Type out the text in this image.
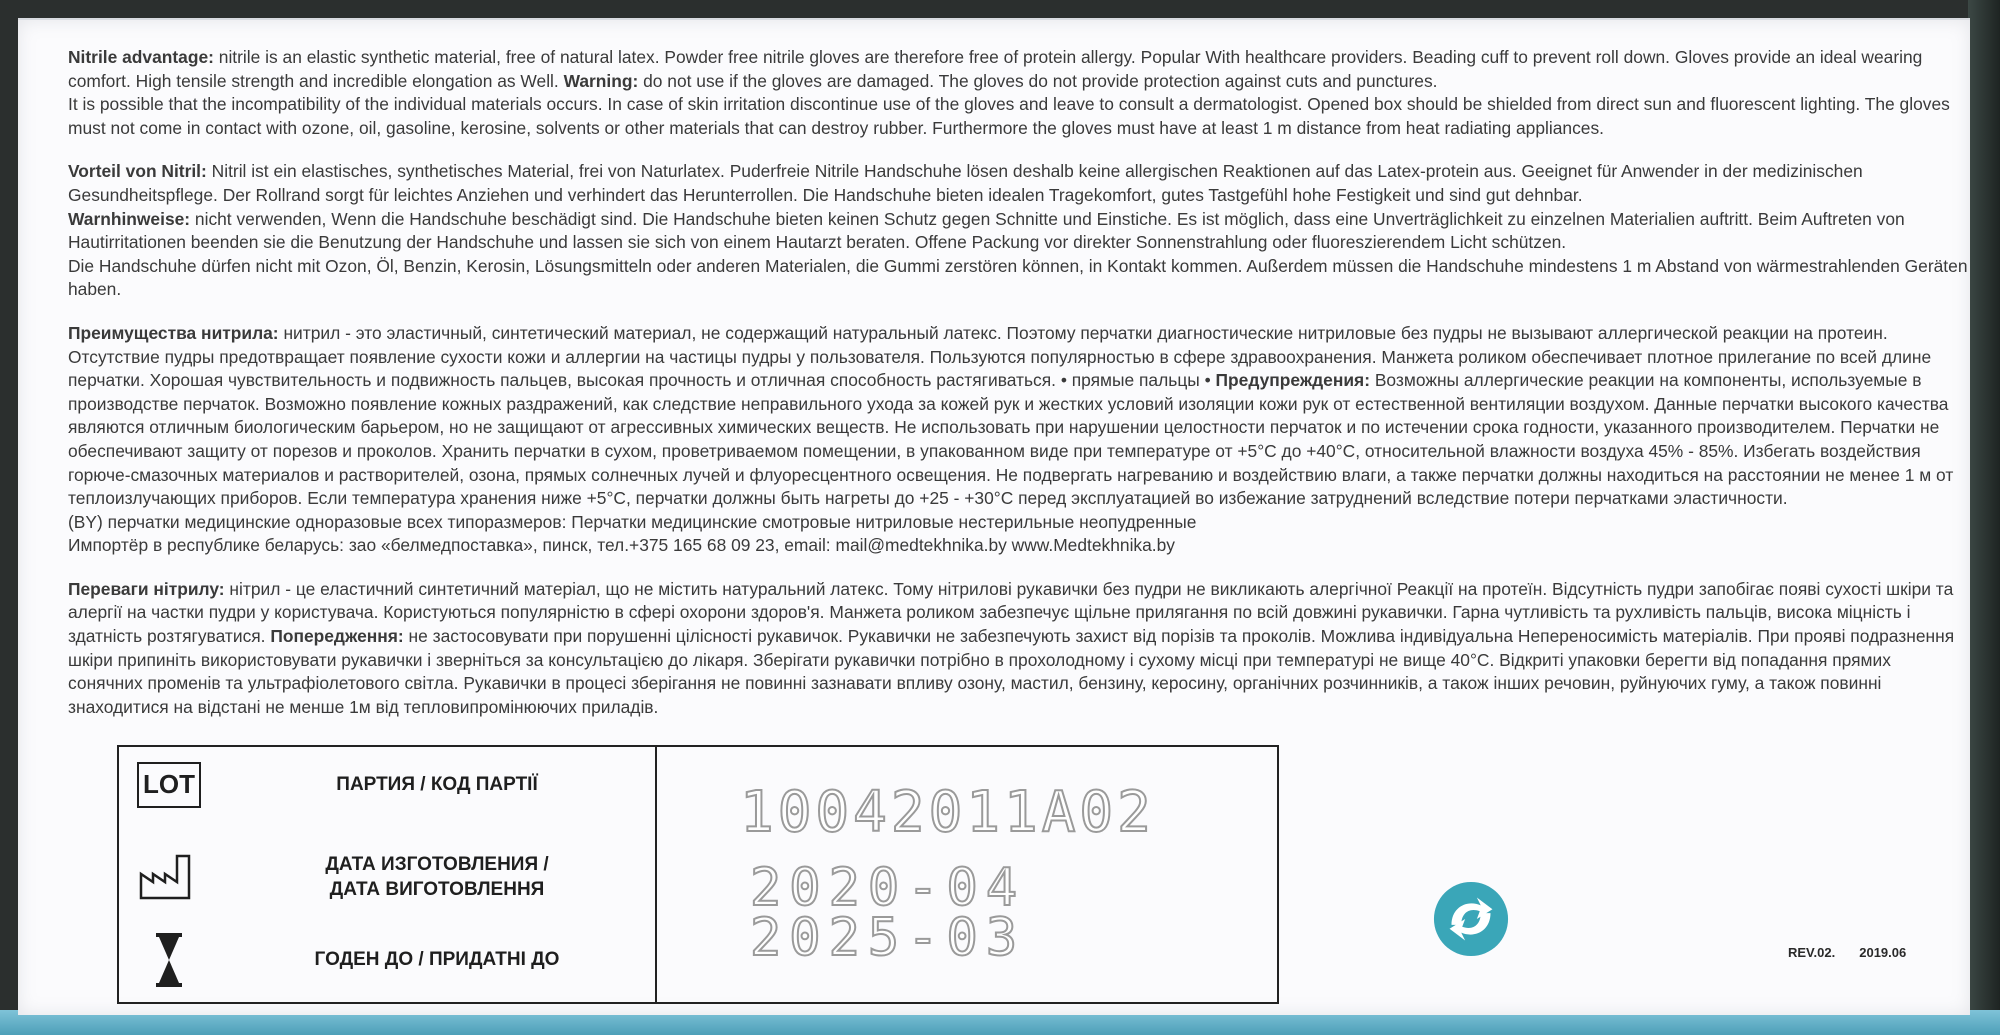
Nitrile advantage: nitrile is an elastic synthetic material, free of natural latex. Powder free nitrile gloves are therefore free of protein allergy. Popular With healthcare providers. Beading cuff to prevent roll down. Gloves provide an ideal wearing comfort. High tensile strength and incredible elongation as Well. Warning: do not use if the gloves are damaged. The gloves do not provide protection against cuts and punctures.
It is possible that the incompatibility of the individual materials occurs. In case of skin irritation discontinue use of the gloves and leave to consult a dermatologist. Opened box should be shielded from direct sun and fluorescent lighting. The gloves must not come in contact with ozone, oil, gasoline, kerosine, solvents or other materials that can destroy rubber. Furthermore the gloves must have at least 1 m distance from heat radiating appliances.

Vorteil von Nitril: Nitril ist ein elastisches, synthetisches Material, frei von Naturlatex. Puderfreie Nitrile Handschuhe lösen deshalb keine allergischen Reaktionen auf das Latex-protein aus. Geeignet für Anwender in der medizinischen Gesundheitspflege. Der Rollrand sorgt für leichtes Anziehen und verhindert das Herunterrollen. Die Handschuhe bieten idealen Tragekomfort, gutes Tastgefühl hohe Festigkeit und sind gut dehnbar.
Warnhinweise: nicht verwenden, Wenn die Handschuhe beschädigt sind. Die Handschuhe bieten keinen Schutz gegen Schnitte und Einstiche. Es ist möglich, dass eine Unverträglichkeit zu einzelnen Materialien auftritt. Beim Auftreten von Hautirritationen beenden sie die Benutzung der Handschuhe und lassen sie sich von einem Hautarzt beraten. Offene Packung vor direkter Sonnenstrahlung oder fluoreszierendem Licht schützen.
Die Handschuhe dürfen nicht mit Ozon, Öl, Benzin, Kerosin, Lösungsmitteln oder anderen Materialen, die Gummi zerstören können, in Kontakt kommen. Außerdem müssen die Handschuhe mindestens 1 m Abstand von wärmestrahlenden Geräten haben.

Преимущества нитрила: нитрил - это эластичный, синтетический материал, не содержащий натуральный латекс. Поэтому перчатки диагностические нитриловые без пудры не вызывают аллергической реакции на протеин. Отсутствие пудры предотвращает появление сухости кожи и аллергии на частицы пудры у пользователя. Пользуются популярностью в сфере здравоохранения. Манжета роликом обеспечивает плотное прилегание по всей длине перчатки. Хорошая чувствительность и подвижность пальцев, высокая прочность и отличная способность растягиваться. • прямые пальцы • Предупреждения: Возможны аллергические реакции на компоненты, используемые в производстве перчаток. Возможно появление кожных раздражений, как следствие неправильного ухода за кожей рук и жестких условий изоляции кожи рук от естественной вентиляции воздухом. Данные перчатки высокого качества являются отличным биологическим барьером, но не защищают от агрессивных химических веществ. Не использовать при нарушении целостности перчаток и по истечении срока годности, указанного производителем. Перчатки не обеспечивают защиту от порезов и проколов. Хранить перчатки в сухом, проветриваемом помещении, в упакованном виде при температуре от +5°С до +40°С, относительной влажности воздуха 45% - 85%. Избегать воздействия горюче-смазочных материалов и растворителей, озона, прямых солнечных лучей и флуоресцентного освещения. Не подвергать нагреванию и воздействию влаги, а также перчатки должны находиться на расстоянии не менее 1 м от теплоизлучающих приборов. Если температура хранения ниже +5°С, перчатки должны быть нагреты до +25 - +30°С перед эксплуатацией во избежание затруднений вследствие потери перчатками эластичности.
(BY) перчатки медицинские одноразовые всех типоразмеров: Перчатки медицинские смотровые нитриловые нестерильные неопудренные
Импортёр в республике беларусь: зао «белмедпоставка», пинск, тел.+375 165 68 09 23, email: mail@medtekhnika.by www.Medtekhnika.by

Переваги нітрилу: нітрил - це еластичний синтетичний матеріал, що не містить натуральний латекс. Тому нітрилові рукавички без пудри не викликають алергічної Реакції на протеїн. Відсутність пудри запобігає появі сухості шкіри та алергії на частки пудри у користувача. Користуються популярністю в сфері охорони здоров'я. Манжета роликом забезпечує щільне прилягання по всій довжині рукавички. Гарна чутливість та рухливість пальців, висока міцність і здатність розтягуватися. Попередження: не застосовувати при порушенні цілісності рукавичок. Рукавички не забезпечують захист від порізів та проколів. Можлива індивідуальна Непереносимість матеріалів. При прояві подразнення шкіри припиніть використовувати рукавички і зверніться за консультацією до лікаря. Зберігати рукавички потрібно в прохолодному і сухому місці при температурі не вище 40°С. Відкриті упаковки берегти від попадання прямих сонячних променів та ультрафіолетового світла. Рукавички в процесі зберігання не повинні зазнавати впливу озону, мастил, бензину, керосину, органічних розчинників, а також інших речовин, руйнуючих гуму, а також повинні знаходитися на відстані не менше 1м від тепловипромінюючих приладів.

LOT	ПАРТИЯ / КОД ПАРТІЇ
ДАТА ИЗГОТОВЛЕНИЯ /
ДАТА ВИГОТОВЛЕННЯ
ГОДЕН ДО / ПРИДАТНІ ДО
10042011A02
2020-04
2025-03	REV.02. 2019.06
